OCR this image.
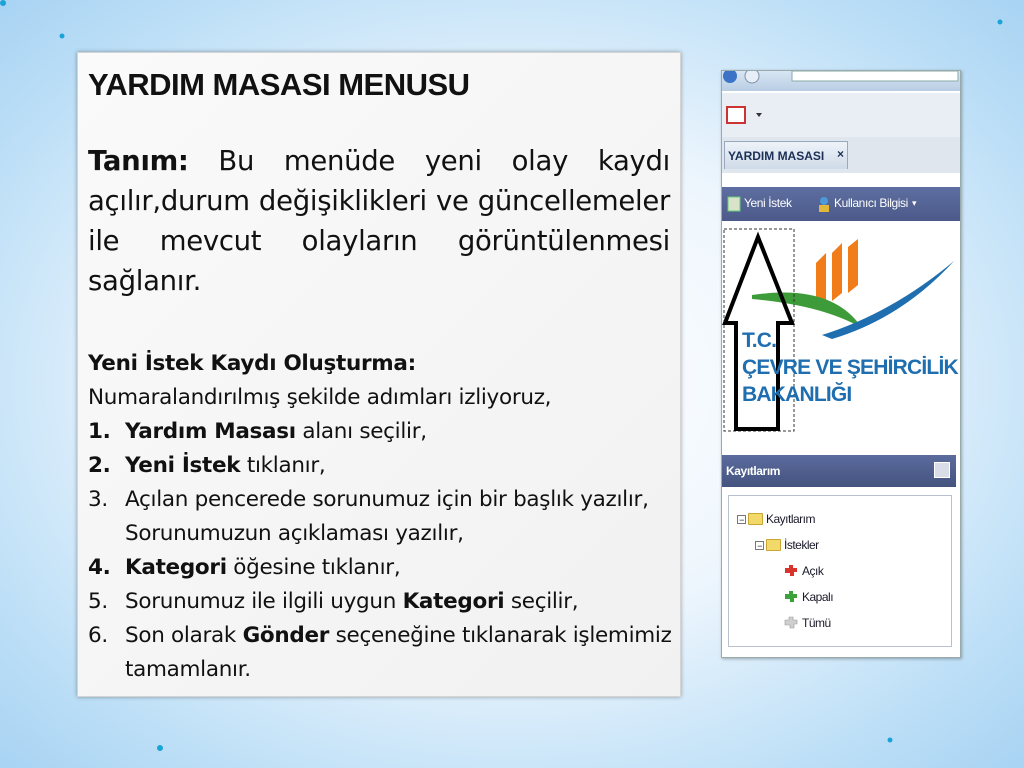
YARDIM MASASI MENUSU
Tanım: Bu menüde yeni olay kaydı açılır,durum değişiklikleri ve güncellemeler ile mevcut olayların görüntülenmesi sağlanır.
Yeni İstek Kaydı Oluşturma:
Numaralandırılmış şekilde adımları izliyoruz,
1. Yardım Masası alanı seçilir,
2. Yeni İstek tıklanır,
3. Açılan pencerede sorunumuz için bir başlık yazılır, Sorunumuzun açıklaması yazılır,
4. Kategori öğesine tıklanır,
5. Sorunumuz ile ilgili uygun Kategori seçilir,
6. Son olarak Gönder seçeneğine tıklanarak işlemimiz tamamlanır.
YARDIM MASASI ×
Yeni İstek	Kullanıcı Bilgisi ▾
T.C.
ÇEVRE VE ŞEHİRCİLİK
BAKANLIĞI
Kayıtlarım
− Kayıtlarım
− İstekler
Açık
Kapalı
Tümü
